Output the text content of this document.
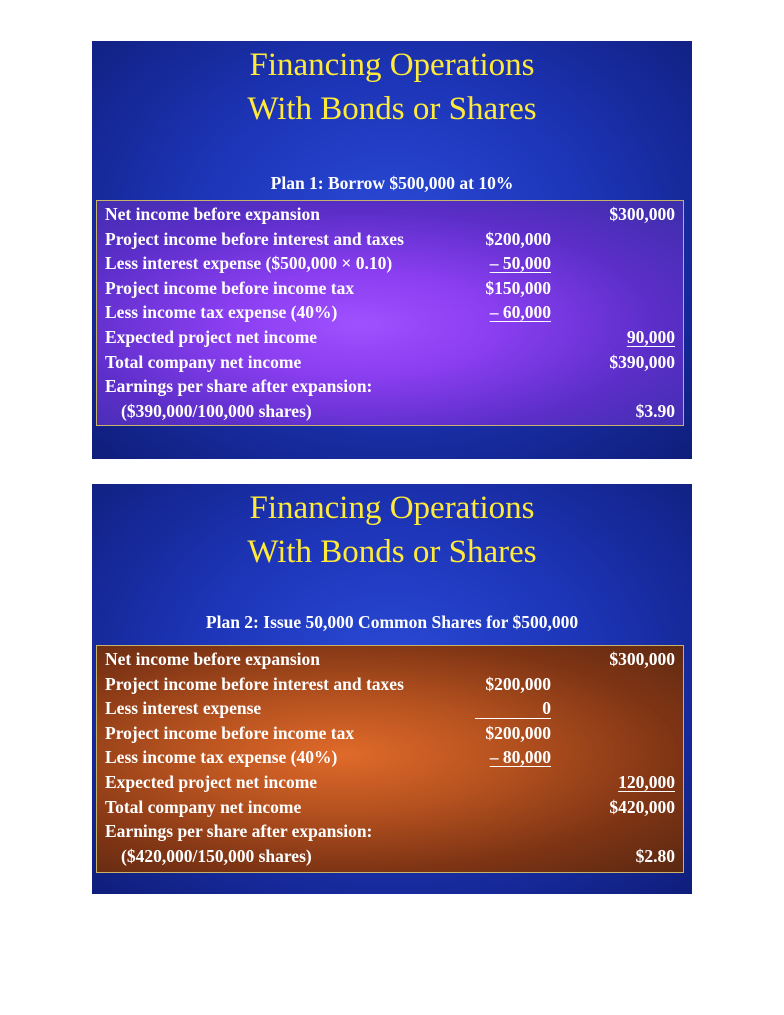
Financing Operations
With Bonds or Shares
Plan 1: Borrow $500,000 at 10%
Net income before expansion	$300,000
Project income before interest and taxes	$200,000
Less interest expense ($500,000 × 0.10)	– 50,000
Project income before income tax	$150,000
Less income tax expense (40%)	– 60,000
Expected project net income	90,000
Total company net income	$390,000
Earnings per share after expansion:
($390,000/100,000 shares)	$3.90
Financing Operations
With Bonds or Shares
Plan 2: Issue 50,000 Common Shares for $500,000
Net income before expansion	$300,000
Project income before interest and taxes	$200,000
Less interest expense	0
Project income before income tax	$200,000
Less income tax expense (40%)	– 80,000
Expected project net income	120,000
Total company net income	$420,000
Earnings per share after expansion:
($420,000/150,000 shares)	$2.80
